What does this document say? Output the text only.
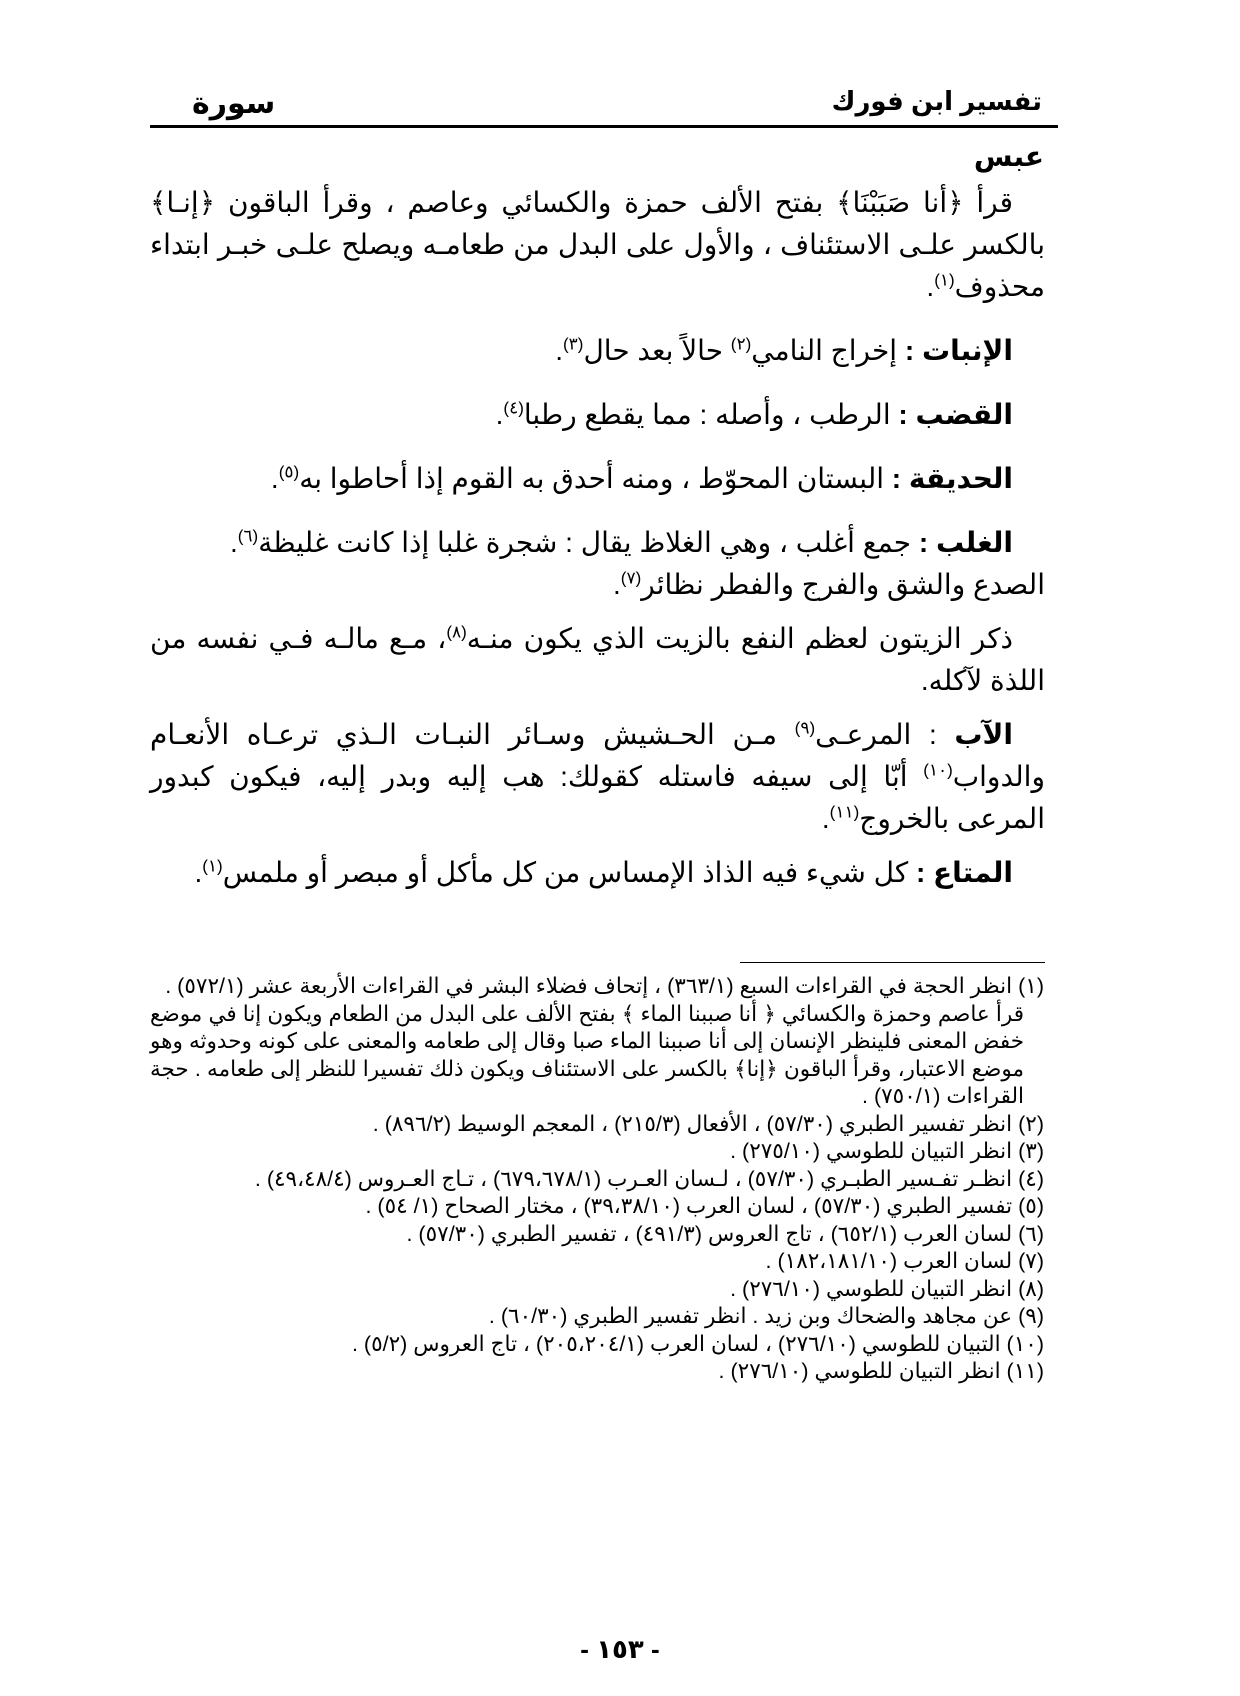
تفسير ابن فورك
سورة
عبس

قرأ ﴿أنا صَبَبْنَا﴾ بفتح الألف حمزة والكسائي وعاصم ، وقرأ الباقون ﴿إنـا﴾ بالكسر علـى الاستئناف ، والأول على البدل من طعامـه ويصلح علـى خبـر ابتداء محذوف$^{(١)}$.

الإنبات : إخراج النامي$^{(٢)}$ حالاً بعد حال$^{(٣)}$.

القضب : الرطب ، وأصله : مما يقطع رطبا$^{(٤)}$.

الحديقة : البستان المحوّط ، ومنه أحدق به القوم إذا أحاطوا به$^{(٥)}$.

الغلب : جمع أغلب ، وهي الغلاظ يقال : شجرة غلبا إذا كانت غليظة$^{(٦)}$.

الصدع والشق والفرج والفطر نظائر$^{(٧)}$.

ذكر الزيتون لعظم النفع بالزيت الذي يكون منـه$^{(٨)}$، مـع مالـه فـي نفسه من اللذة لآكله.

الآب : المرعـى$^{(٩)}$ مـن الحـشيش وسـائر النبـات الـذي ترعـاه الأنعـام والدواب$^{(١٠)}$ أبّا إلى سيفه فاستله كقولك: هب إليه وبدر إليه، فيكون كبدور المرعى بالخروج$^{(١١)}$.

المتاع : كل شيء فيه الذاذ الإمساس من كل مأكل أو مبصر أو ملمس$^{(١)}$.

(١) انظر الحجة في القراءات السبع (٣٦٣/١) ، إتحاف فضلاء البشر في القراءات الأربعة عشر (٥٧٢/١) .

قرأ عاصم وحمزة والكسائي ﴿ أنا صببنا الماء ﴾ بفتح الألف على البدل من الطعام ويكون إنا في موضع خفض المعنى فلينظر الإنسان إلى أنا صببنا الماء صبا وقال إلى طعامه والمعنى على كونه وحدوثه وهو موضع الاعتبار، وقرأ الباقون ﴿إنا﴾ بالكسر على الاستئناف ويكون ذلك تفسيرا للنظر إلى طعامه . حجة القراءات (٧٥٠/١) .

(٢) انظر تفسير الطبري (٥٧/٣٠) ، الأفعال (٢١٥/٣) ، المعجم الوسيط (٨٩٦/٢) .

(٣) انظر التبيان للطوسي (٢٧٥/١٠) .

(٤) انظـر تفـسير الطبـري (٥٧/٣٠) ، لـسان العـرب (٦٧٩،٦٧٨/١) ، تـاج العـروس (٤٩،٤٨/٤) .

(٥) تفسير الطبري (٥٧/٣٠) ، لسان العرب (٣٩،٣٨/١٠) ، مختار الصحاح (١/ ٥٤) .

(٦) لسان العرب (٦٥٢/١) ، تاج العروس (٤٩١/٣) ، تفسير الطبري (٥٧/٣٠) .

(٧) لسان العرب (١٨٢،١٨١/١٠) .

(٨) انظر التبيان للطوسي (٢٧٦/١٠) .

(٩) عن مجاهد والضحاك وبن زيد . انظر تفسير الطبري (٦٠/٣٠) .

(١٠) التبيان للطوسي (٢٧٦/١٠) ، لسان العرب (٢٠٥،٢٠٤/١) ، تاج العروس (٥/٢) .

(١١) انظر التبيان للطوسي (٢٧٦/١٠) .

- ١٥٣ -
